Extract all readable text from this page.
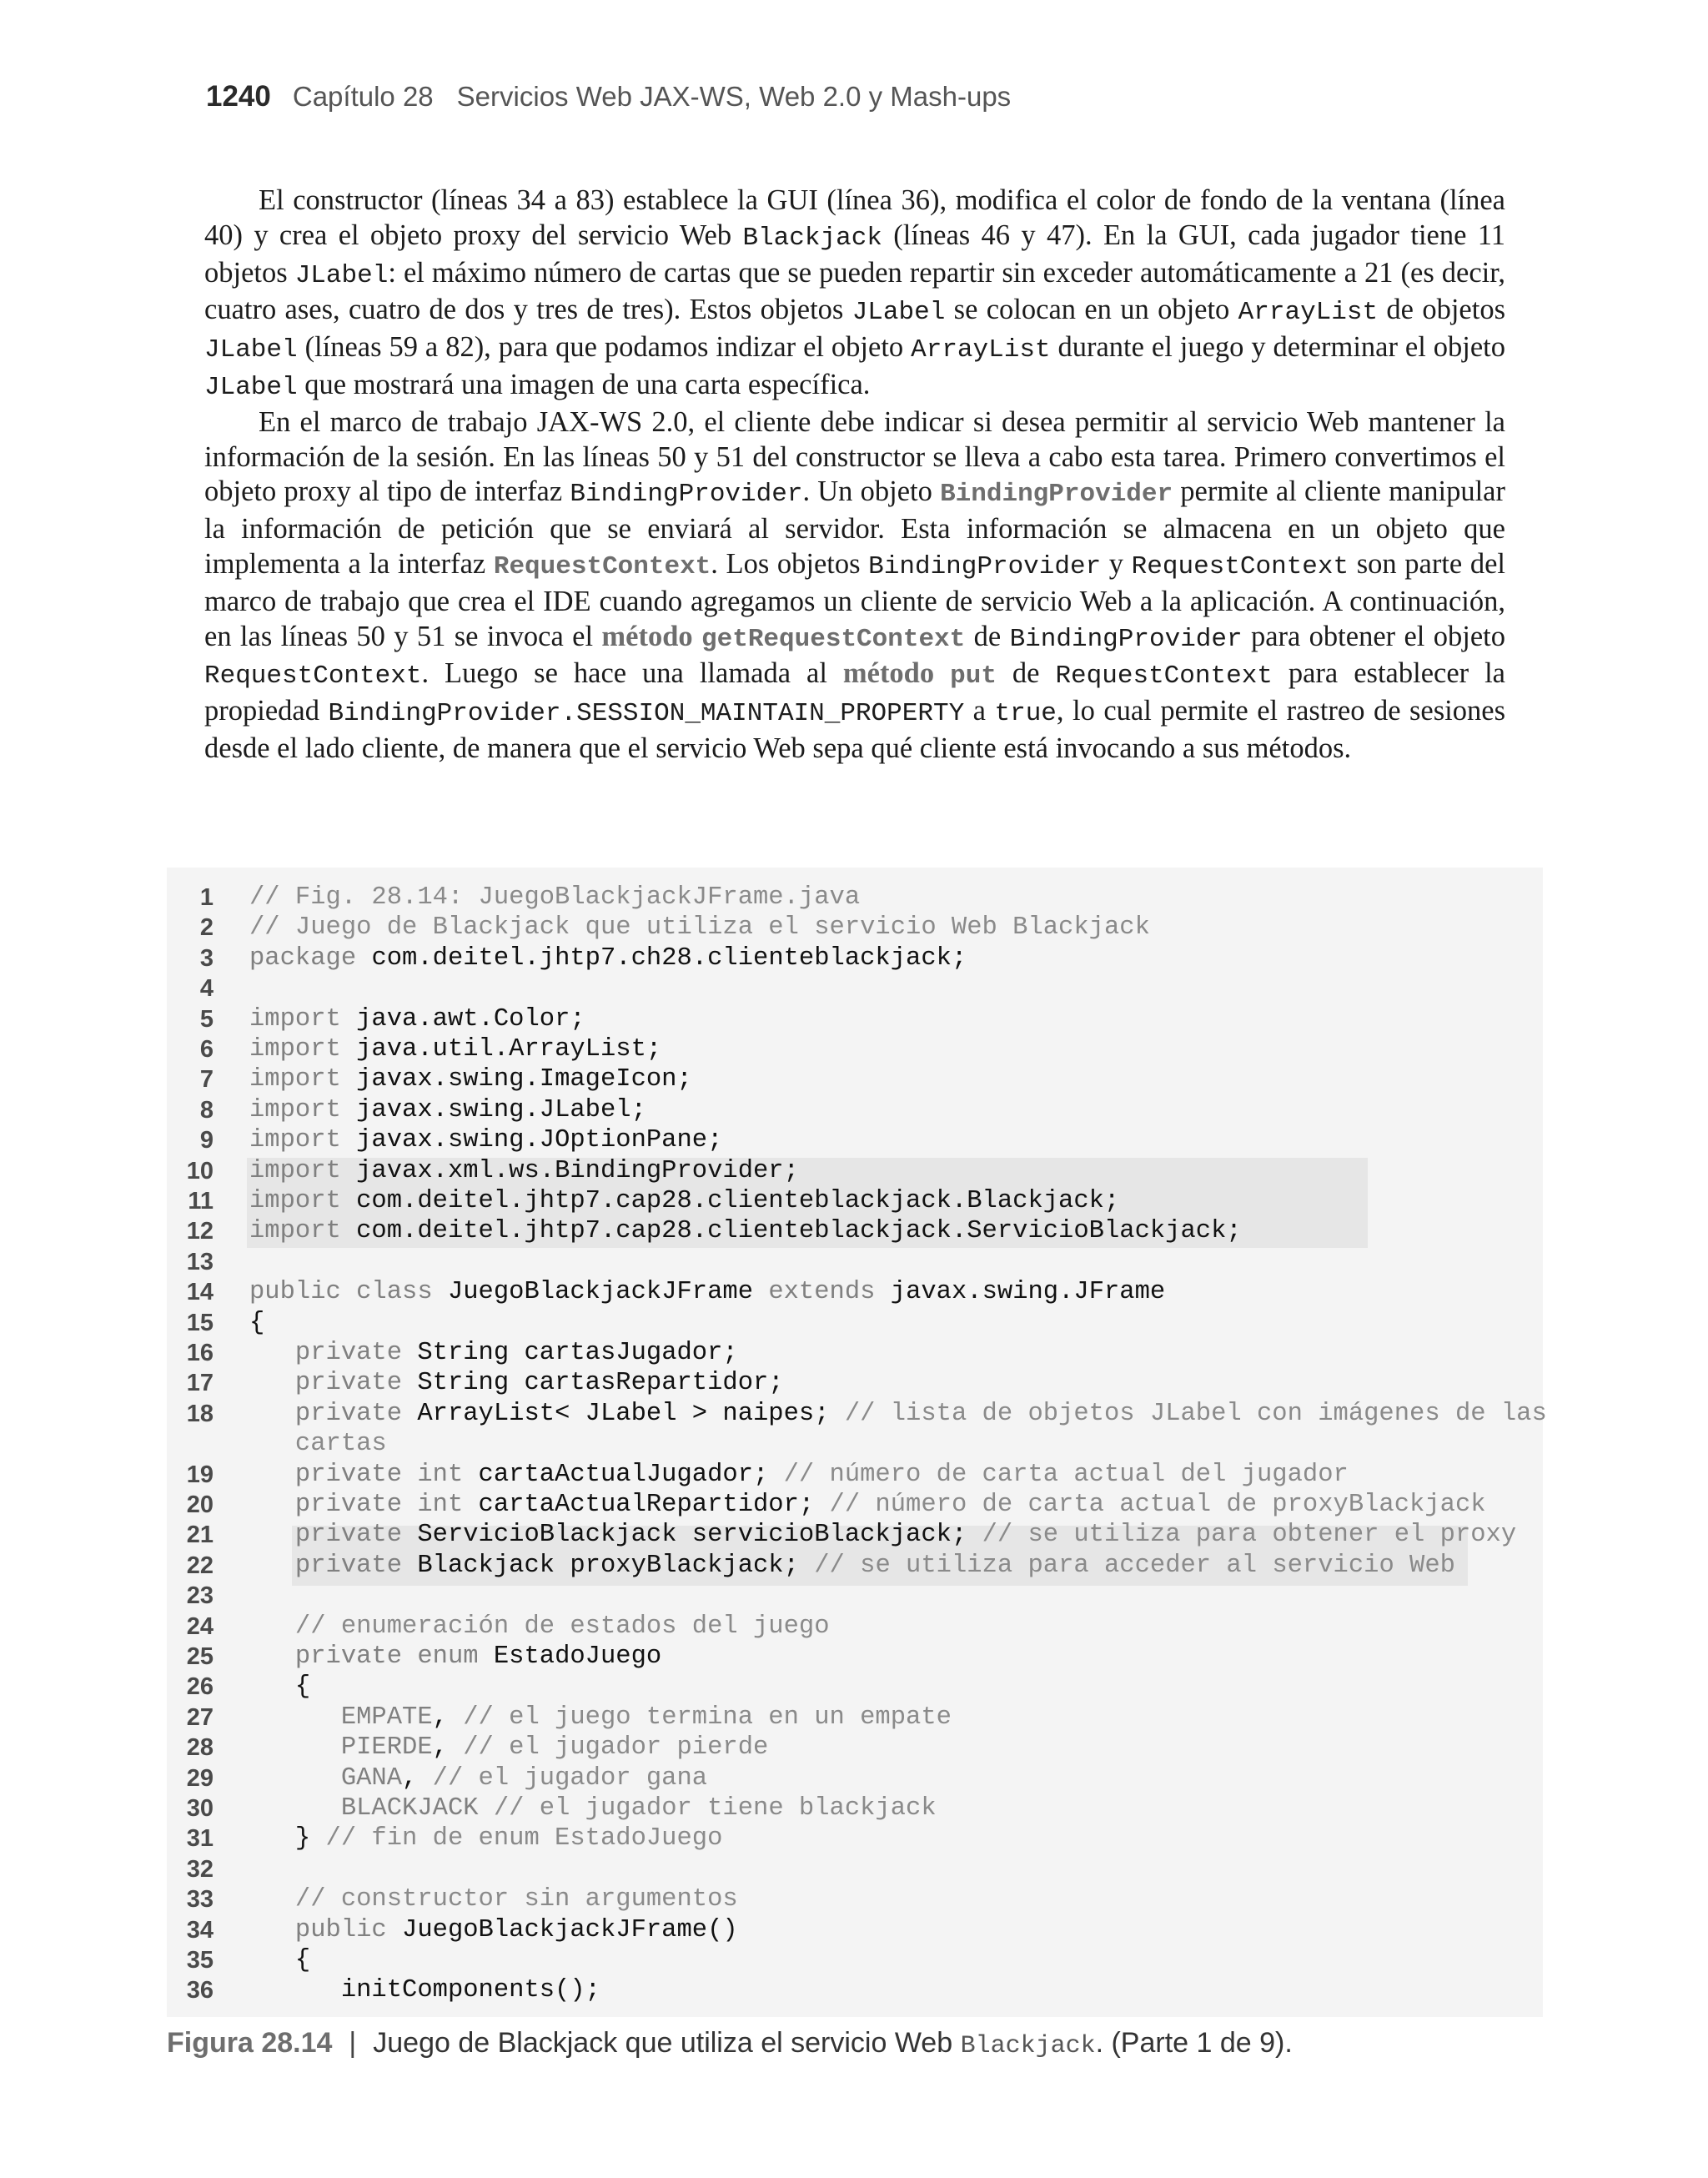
1240 Capítulo 28 Servicios Web JAX-WS, Web 2.0 y Mash-ups

El constructor (líneas 34 a 83) establece la GUI (línea 36), modifica el color de fondo de la ventana (línea 40) y crea el objeto proxy del servicio Web Blackjack (líneas 46 y 47). En la GUI, cada jugador tiene 11 objetos JLabel: el máximo número de cartas que se pueden repartir sin exceder automáticamente a 21 (es decir, cuatro ases, cuatro de dos y tres de tres). Estos objetos JLabel se colocan en un objeto ArrayList de objetos JLabel (líneas 59 a 82), para que podamos indizar el objeto ArrayList durante el juego y determinar el objeto JLabel que mostrará una imagen de una carta específica.

En el marco de trabajo JAX-WS 2.0, el cliente debe indicar si desea permitir al servicio Web mantener la información de la sesión. En las líneas 50 y 51 del constructor se lleva a cabo esta tarea. Primero convertimos el objeto proxy al tipo de interfaz BindingProvider. Un objeto BindingProvider permite al cliente manipular la información de petición que se enviará al servidor. Esta información se almacena en un objeto que implementa a la interfaz RequestContext. Los objetos BindingProvider y RequestContext son parte del marco de trabajo que crea el IDE cuando agregamos un cliente de servicio Web a la aplicación. A continuación, en las líneas 50 y 51 se invoca el método getRequestContext de BindingProvider para obtener el objeto RequestContext. Luego se hace una llamada al método put de RequestContext para establecer la propiedad BindingProvider.SESSION_MAINTAIN_PROPERTY a true, lo cual permite el rastreo de sesiones desde el lado cliente, de manera que el servicio Web sepa qué cliente está invocando a sus métodos.

1 // Fig. 28.14: JuegoBlackjackJFrame.java
2 // Juego de Blackjack que utiliza el servicio Web Blackjack
3 package com.deitel.jhtp7.ch28.clienteblackjack;
4
5 import java.awt.Color;
6 import java.util.ArrayList;
7 import javax.swing.ImageIcon;
8 import javax.swing.JLabel;
9 import javax.swing.JOptionPane;
10 import javax.xml.ws.BindingProvider;
11 import com.deitel.jhtp7.cap28.clienteblackjack.Blackjack;
12 import com.deitel.jhtp7.cap28.clienteblackjack.ServicioBlackjack;
13
14 public class JuegoBlackjackJFrame extends javax.swing.JFrame
15 {
16 private String cartasJugador;
17 private String cartasRepartidor;
18 private ArrayList< JLabel > naipes; // lista de objetos JLabel con imágenes de las
cartas
19 private int cartaActualJugador; // número de carta actual del jugador
20 private int cartaActualRepartidor; // número de carta actual de proxyBlackjack
21 private ServicioBlackjack servicioBlackjack; // se utiliza para obtener el proxy
22 private Blackjack proxyBlackjack; // se utiliza para acceder al servicio Web
23
24 // enumeración de estados del juego
25 private enum EstadoJuego
26 {
27 EMPATE, // el juego termina en un empate
28 PIERDE, // el jugador pierde
29 GANA, // el jugador gana
30 BLACKJACK // el jugador tiene blackjack
31 } // fin de enum EstadoJuego
32
33 // constructor sin argumentos
34 public JuegoBlackjackJFrame()
35 {
36 initComponents();
Figura 28.14 | Juego de Blackjack que utiliza el servicio Web Blackjack. (Parte 1 de 9).
